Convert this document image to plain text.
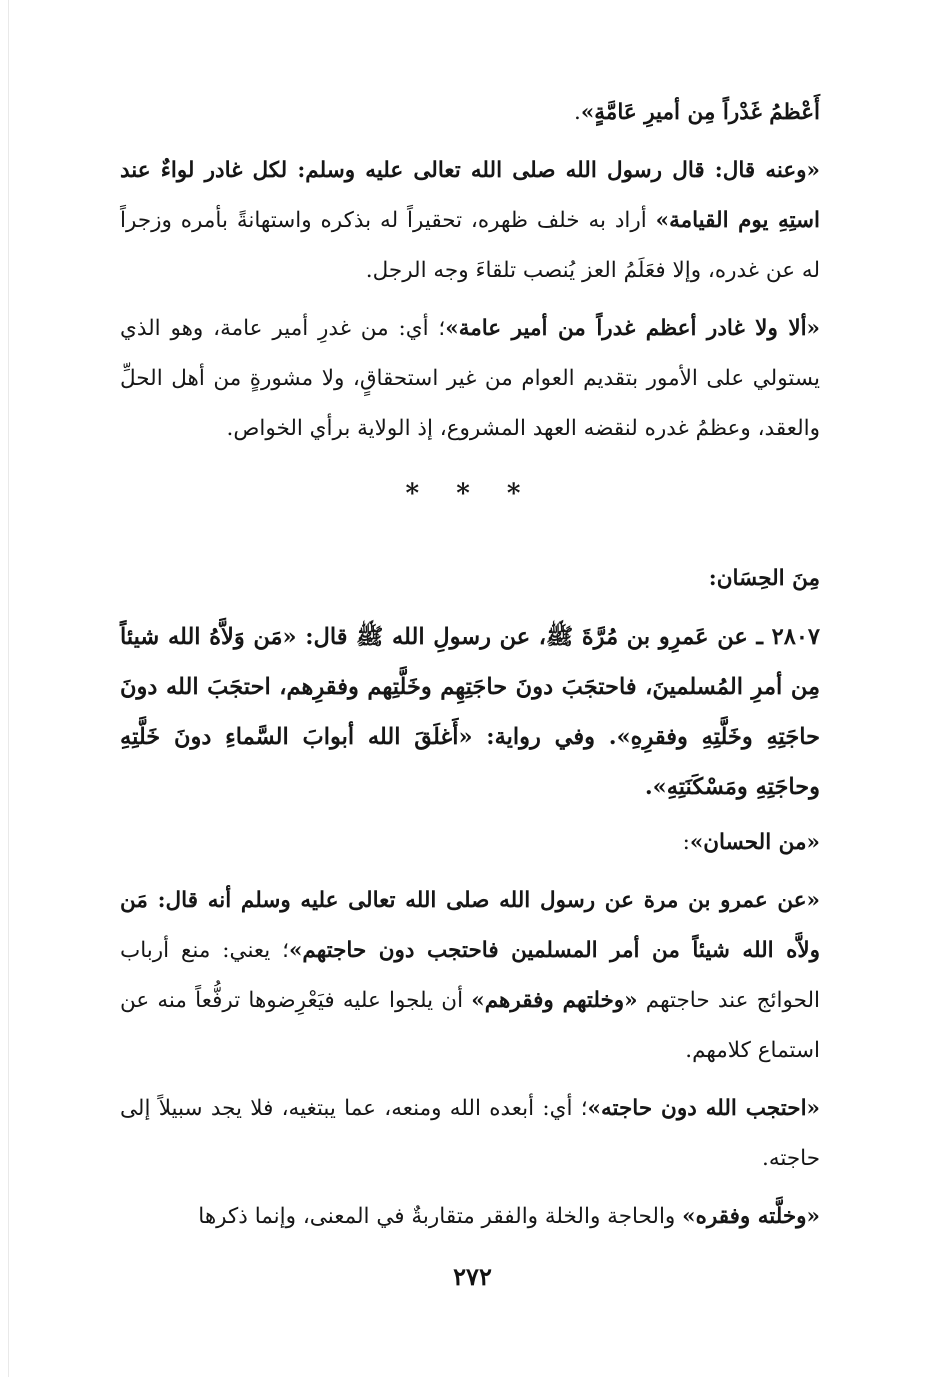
أَعْظمُ غَدْراً مِن أميرِ عَامَّةٍ».

«وعنه قال: قال رسول الله صلى الله تعالى عليه وسلم: لكل غادر لواءٌ عند استِهِ يوم القيامة» أراد به خلف ظهره، تحقيراً له بذكره واستهانةً بأمره وزجراً له عن غدره، وإلا فعَلَمُ العز يُنصب تلقاءَ وجه الرجل.

«ألا ولا غادر أعظم غدراً من أمير عامة»؛ أي: من غدرِ أمير عامة، وهو الذي يستولي على الأمور بتقديم العوام من غير استحقاقٍ، ولا مشورةٍ من أهل الحلِّ والعقد، وعظمُ غدره لنقضه العهد المشروع، إذ الولاية برأي الخواص.

* * *

مِنَ الحِسَان:

٢٨٠٧ ـ عن عَمرِو بن مُرَّةَ ﷺ، عن رسولِ الله ﷺ قال: «مَن وَلاَّهُ الله شيئاً مِن أمرِ المُسلمينَ، فاحتجَبَ دونَ حاجَتِهِم وخَلَّتِهم وفقرِهم، احتجَبَ الله دونَ حاجَتِهِ وخَلَّتِهِ وفقرِهِ». وفي رواية: «أَغلَقَ الله أبوابَ السَّماءِ دونَ خَلَّتِهِ وحاجَتِهِ ومَسْكَنَتِهِ».

«من الحسان»:

«عن عمرو بن مرة عن رسول الله صلى الله تعالى عليه وسلم أنه قال: مَن ولاَّه الله شيئاً من أمر المسلمين فاحتجب دون حاجتهم»؛ يعني: منع أرباب الحوائج عند حاجتهم «وخلتهم وفقرهم» أن يلجوا عليه فيَعْرِضوها ترفُّعاً منه عن استماع كلامهم.

«احتجب الله دون حاجته»؛ أي: أبعده الله ومنعه، عما يبتغيه، فلا يجد سبيلاً إلى حاجته.

«وخلَّته وفقره» والحاجة والخلة والفقر متقاربةٌ في المعنى، وإنما ذكرها

٢٧٢
